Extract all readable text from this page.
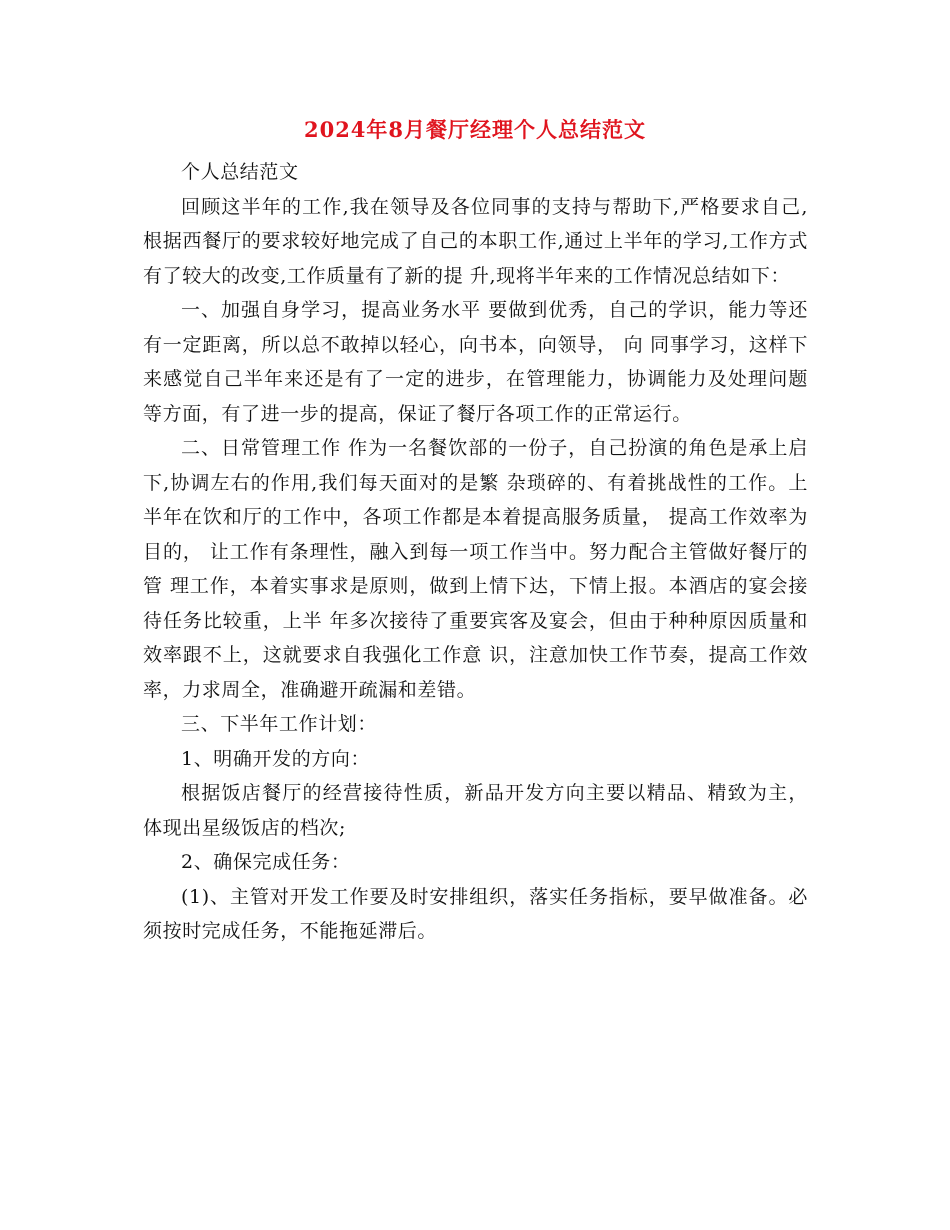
2024年8月餐厅经理个人总结范文

个人总结范文

回顾这半年的工作,我在领导及各位同事的支持与帮助下,严格要求自己,根据西餐厅的要求较好地完成了自己的本职工作,通过上半年的学习,工作方式有了较大的改变,工作质量有了新的提 升,现将半年来的工作情况总结如下：

一、加强自身学习，提高业务水平 要做到优秀，自己的学识，能力等还有一定距离，所以总不敢掉以轻心，向书本，向领导， 向 同事学习，这样下来感觉自己半年来还是有了一定的进步，在管理能力，协调能力及处理问题 等方面，有了进一步的提高，保证了餐厅各项工作的正常运行。

二、日常管理工作 作为一名餐饮部的一份子，自己扮演的角色是承上启下,协调左右的作用,我们每天面对的是繁 杂琐碎的、有着挑战性的工作。上半年在饮和厅的工作中，各项工作都是本着提高服务质量， 提高工作效率为目的， 让工作有条理性，融入到每一项工作当中。努力配合主管做好餐厅的管 理工作，本着实事求是原则，做到上情下达，下情上报。本酒店的宴会接待任务比较重，上半 年多次接待了重要宾客及宴会，但由于种种原因质量和效率跟不上，这就要求自我强化工作意 识，注意加快工作节奏，提高工作效率，力求周全，准确避开疏漏和差错。

三、下半年工作计划：

1、明确开发的方向：

根据饭店餐厅的经营接待性质，新品开发方向主要以精品、精致为主，体现出星级饭店的档次;

2、确保完成任务：

(1)、主管对开发工作要及时安排组织，落实任务指标，要早做准备。必须按时完成任务，不能拖延滞后。
